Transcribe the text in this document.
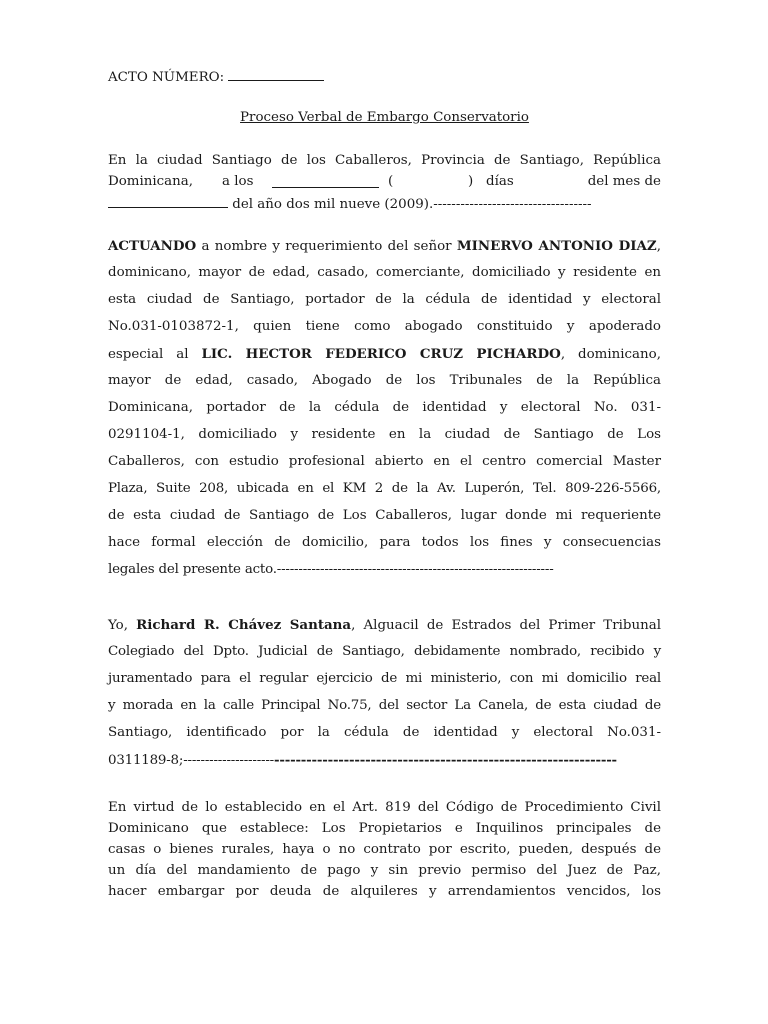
ACTO NÚMERO:
Proceso Verbal de Embargo Conservatorio
En la ciudad Santiago de los Caballeros, Provincia de Santiago, República
Dominicana, a los	(	) días	del mes de
del año dos mil nueve (2009).-----------------------------------
ACTUANDO a nombre y requerimiento del señor MINERVO ANTONIO DIAZ,
dominicano, mayor de edad, casado, comerciante, domiciliado y residente en
esta ciudad de Santiago, portador de la cédula de identidad y electoral
No.031-0103872-1, quien tiene como abogado constituido y apoderado
especial al LIC. HECTOR FEDERICO CRUZ PICHARDO, dominicano,
mayor de edad, casado, Abogado de los Tribunales de la República
Dominicana, portador de la cédula de identidad y electoral No. 031-
0291104-1, domiciliado y residente en la ciudad de Santiago de Los
Caballeros, con estudio profesional abierto en el centro comercial Master
Plaza, Suite 208, ubicada en el KM 2 de la Av. Luperón, Tel. 809-226-5566,
de esta ciudad de Santiago de Los Caballeros, lugar donde mi requeriente
hace formal elección de domicilio, para todos los fines y consecuencias
legales del presente acto.----------------------------------------------------------------
Yo, Richard R. Chávez Santana, Alguacil de Estrados del Primer Tribunal
Colegiado del Dpto. Judicial de Santiago, debidamente nombrado, recibido y
juramentado para el regular ejercicio de mi ministerio, con mi domicilio real
y morada en la calle Principal No.75, del sector La Canela, de esta ciudad de
Santiago, identificado por la cédula de identidad y electoral No.031-
0311189-8;-------------------------------------------------------------------------------------
En virtud de lo establecido en el Art. 819 del Código de Procedimiento Civil
Dominicano que establece: Los Propietarios e Inquilinos principales de
casas o bienes rurales, haya o no contrato por escrito, pueden, después de
un día del mandamiento de pago y sin previo permiso del Juez de Paz,
hacer embargar por deuda de alquileres y arrendamientos vencidos, los
